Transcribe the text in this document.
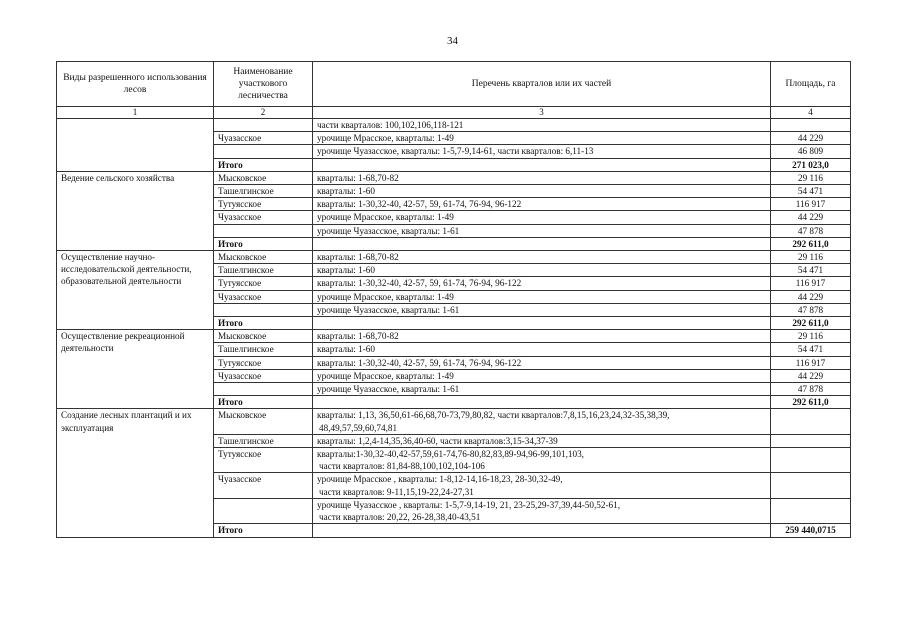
34
Виды разрешенного использования лесов	Наименование участкового лесничества	Перечень кварталов или их частей	Площадь, га
1	2	3	4

		части кварталов: 100,102,106,118-121	

	Чуазасское	урочище Мрасское, кварталы: 1-49	44 229

		урочище Чуазасское, кварталы: 1-5,7-9,14-61, части кварталов: 6,11-13	46 809
	Итого		271 023,0
Ведение сельского хозяйства	Мысковское	кварталы: 1-68,70-82	29 116
	Ташелгинское	кварталы: 1-60	54 471
	Тутуясское	кварталы: 1-30,32-40, 42-57, 59, 61-74, 76-94, 96-122	116 917
	Чуазасское	урочище Мрасское, кварталы: 1-49	44 229

		урочище Чуазасское, кварталы: 1-61	47 878
	Итого		292 611,0
Осуществление научно-исследовательской деятельности, образовательной деятельности	Мысковское	кварталы: 1-68,70-82	29 116
	Ташелгинское	кварталы: 1-60	54 471
	Тутуясское	кварталы: 1-30,32-40, 42-57, 59, 61-74, 76-94, 96-122	116 917
	Чуазасское	урочище Мрасское, кварталы: 1-49	44 229

		урочище Чуазасское, кварталы: 1-61	47 878
	Итого		292 611,0
Осуществление рекреационной деятельности	Мысковское	кварталы: 1-68,70-82	29 116
	Ташелгинское	кварталы: 1-60	54 471
	Тутуясское	кварталы: 1-30,32-40, 42-57, 59, 61-74, 76-94, 96-122	116 917
	Чуазасское	урочище Мрасское, кварталы: 1-49	44 229

		урочище Чуазасское, кварталы: 1-61	47 878
	Итого		292 611,0
Создание лесных плантаций и их эксплуатация	Мысковское	кварталы: 1,13, 36,50,61-66,68,70-73,79,80,82, части кварталов:7,8,15,16,23,24,32-35,38,39,
48,49,57,59,60,74,81	

	Ташелгинское	кварталы: 1,2,4-14,35,36,40-60, части кварталов:3,15-34,37-39	

	Тутуясское	кварталы:1-30,32-40,42-57,59,61-74,76-80,82,83,89-94,96-99,101,103,
части кварталов: 81,84-88,100,102,104-106	

	Чуазасское	урочище Мрасское , кварталы: 1-8,12-14,16-18,23, 28-30,32-49,
части кварталов: 9-11,15,19-22,24-27,31	

		урочище Чуазасское , кварталы: 1-5,7-9,14-19, 21, 23-25,29-37,39,44-50,52-61,
части кварталов: 20,22, 26-28,38,40-43,51	

	Итого		259 440,0715
